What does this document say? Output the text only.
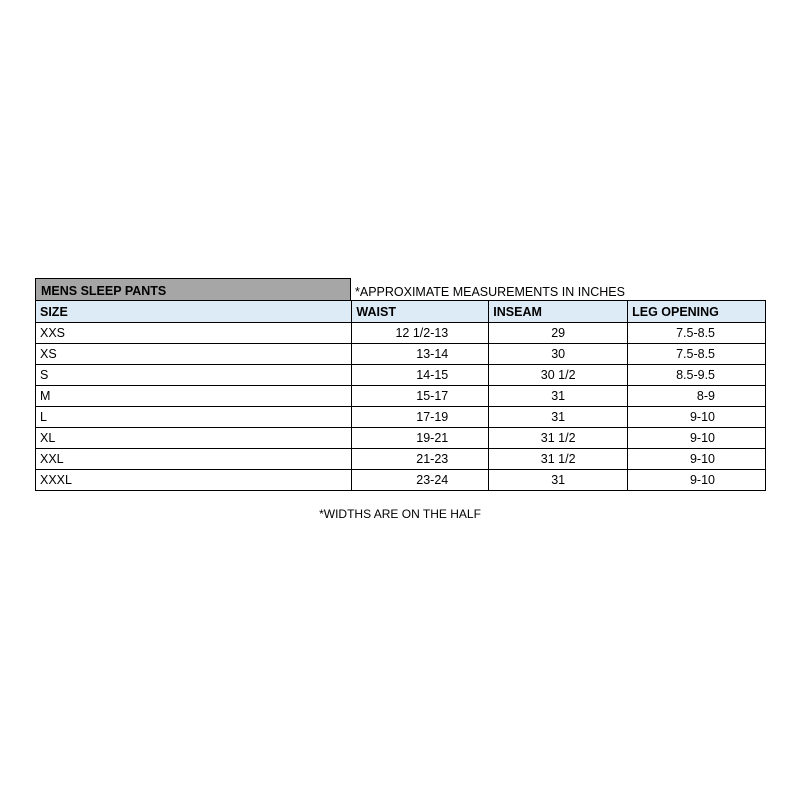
MENS SLEEP PANTS	*APPROXIMATE MEASUREMENTS IN INCHES
SIZE	WAIST	INSEAM	LEG OPENING
XXS	12 1/2-13	29	7.5-8.5
XS	13-14	30	7.5-8.5
S	14-15	30 1/2	8.5-9.5
M	15-17	31	8-9
L	17-19	31	9-10
XL	19-21	31 1/2	9-10
XXL	21-23	31 1/2	9-10
XXXL	23-24	31	9-10
*WIDTHS ARE ON THE HALF
